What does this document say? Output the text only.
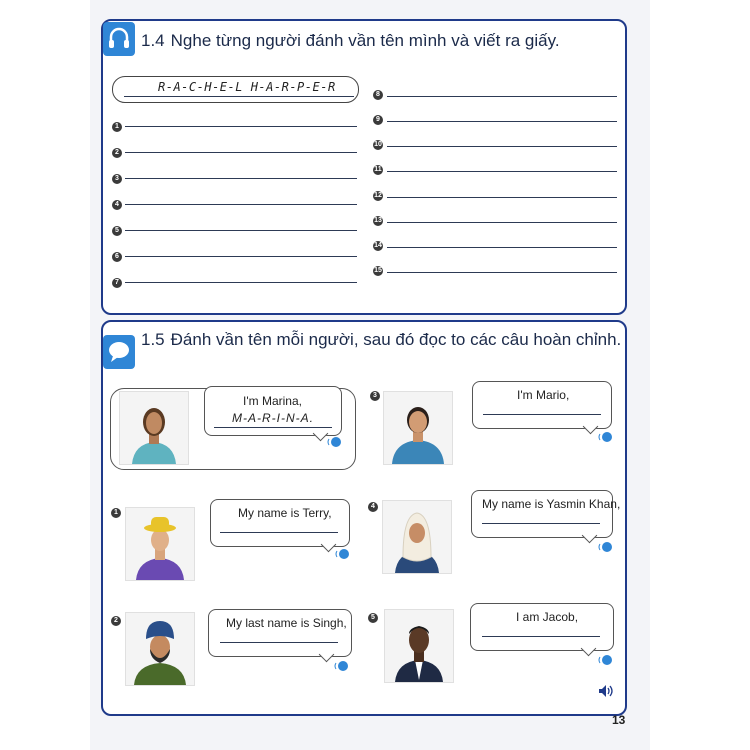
1.4 Nghe từng người đánh vần tên mình và viết ra giấy.
R-A-C-H-E-L H-A-R-P-E-R
1
2
3
4
5
6
7
8
9
10
11
12
13
14
15
1.5 Đánh vần tên mỗi người, sau đó đọc to các câu hoàn chỉnh.
I'm Marina,
M-A-R-I-N-A.
3	I'm Mario,
1	My name is Terry,	4	My name is Yasmin Khan,
2	My last name is Singh,	5	I am Jacob,
13
